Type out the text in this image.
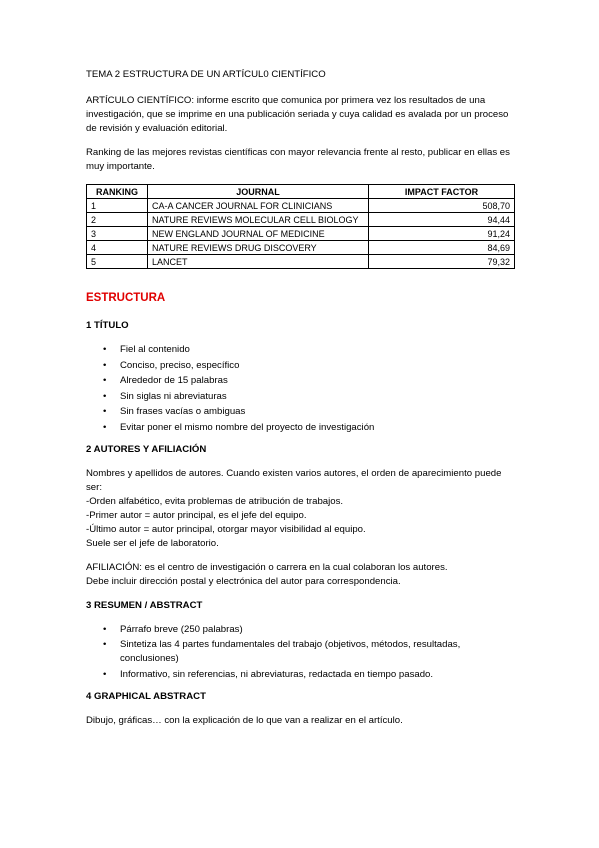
TEMA 2 ESTRUCTURA DE UN ARTÍCUL0 CIENTÍFICO

ARTÍCULO CIENTÍFICO: informe escrito que comunica por primera vez los resultados de una investigación, que se imprime en una publicación seriada y cuya calidad es avalada por un proceso de revisión y evaluación editorial.

Ranking de las mejores revistas científicas con mayor relevancia frente al resto, publicar en ellas es muy importante.

RANKING	JOURNAL	IMPACT FACTOR
1	CA-A CANCER JOURNAL FOR CLINICIANS	508,70
2	NATURE REVIEWS MOLECULAR CELL BIOLOGY	94,44
3	NEW ENGLAND JOURNAL OF MEDICINE	91,24
4	NATURE REVIEWS DRUG DISCOVERY	84,69
5	LANCET	79,32
ESTRUCTURA
1 TÍTULO
• Fiel al contenido
• Conciso, preciso, específico
• Alrededor de 15 palabras
• Sin siglas ni abreviaturas
• Sin frases vacías o ambiguas
• Evitar poner el mismo nombre del proyecto de investigación
2 AUTORES Y AFILIACIÓN

Nombres y apellidos de autores. Cuando existen varios autores, el orden de aparecimiento puede ser:
-Orden alfabético, evita problemas de atribución de trabajos.
-Primer autor = autor principal, es el jefe del equipo.
-Último autor = autor principal, otorgar mayor visibilidad al equipo.
Suele ser el jefe de laboratorio.

AFILIACIÓN: es el centro de investigación o carrera en la cual colaboran los autores.
Debe incluir dirección postal y electrónica del autor para correspondencia.

3 RESUMEN / ABSTRACT
• Párrafo breve (250 palabras)
• Sintetiza las 4 partes fundamentales del trabajo (objetivos, métodos, resultadas, conclusiones)
• Informativo, sin referencias, ni abreviaturas, redactada en tiempo pasado.
4 GRAPHICAL ABSTRACT

Dibujo, gráficas… con la explicación de lo que van a realizar en el artículo.
